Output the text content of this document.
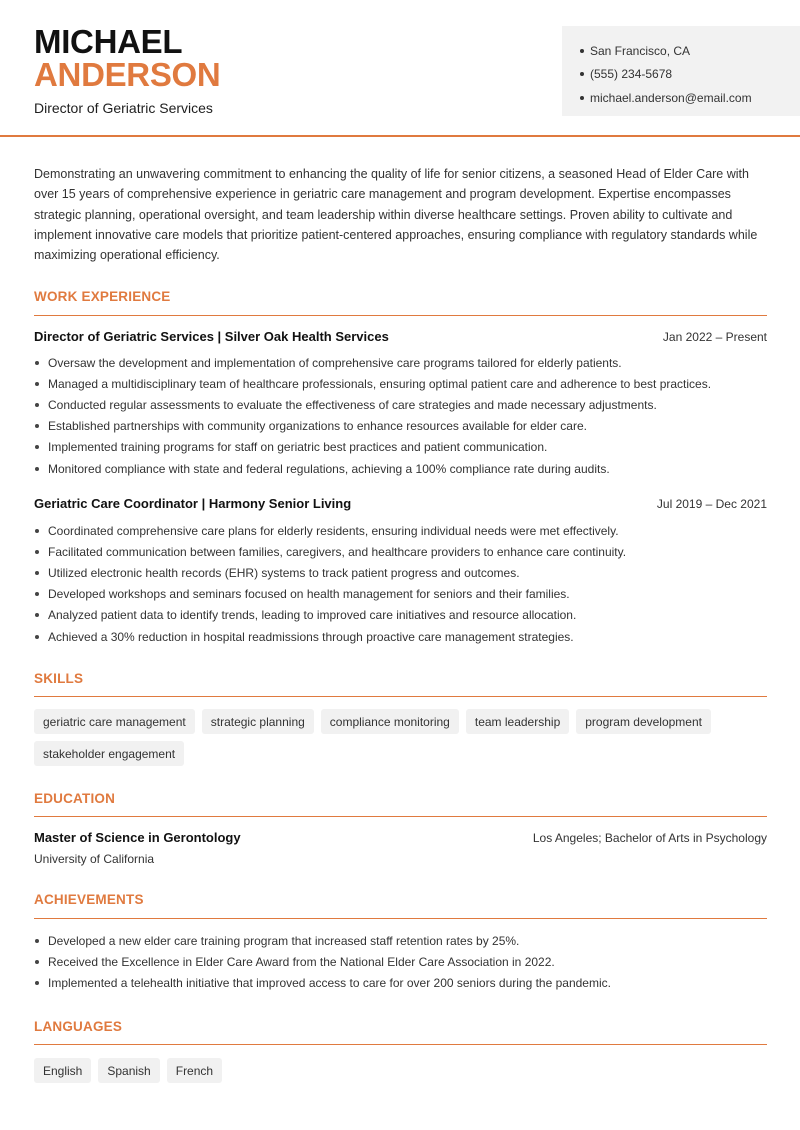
MICHAEL
ANDERSON
Director of Geriatric Services
San Francisco, CA
(555) 234-5678
michael.anderson@email.com

Demonstrating an unwavering commitment to enhancing the quality of life for senior citizens, a seasoned Head of Elder Care with over 15 years of comprehensive experience in geriatric care management and program development. Expertise encompasses strategic planning, operational oversight, and team leadership within diverse healthcare settings. Proven ability to cultivate and implement innovative care models that prioritize patient-centered approaches, ensuring compliance with regulatory standards while maximizing operational efficiency.

WORK EXPERIENCE
Director of Geriatric Services | Silver Oak Health Services	Jan 2022 – Present
Oversaw the development and implementation of comprehensive care programs tailored for elderly patients.
Managed a multidisciplinary team of healthcare professionals, ensuring optimal patient care and adherence to best practices.
Conducted regular assessments to evaluate the effectiveness of care strategies and made necessary adjustments.
Established partnerships with community organizations to enhance resources available for elder care.
Implemented training programs for staff on geriatric best practices and patient communication.
Monitored compliance with state and federal regulations, achieving a 100% compliance rate during audits.
Geriatric Care Coordinator | Harmony Senior Living	Jul 2019 – Dec 2021
Coordinated comprehensive care plans for elderly residents, ensuring individual needs were met effectively.
Facilitated communication between families, caregivers, and healthcare providers to enhance care continuity.
Utilized electronic health records (EHR) systems to track patient progress and outcomes.
Developed workshops and seminars focused on health management for seniors and their families.
Analyzed patient data to identify trends, leading to improved care initiatives and resource allocation.
Achieved a 30% reduction in hospital readmissions through proactive care management strategies.
SKILLS
geriatric care management	strategic planning	compliance monitoring	team leadership	program development
stakeholder engagement
EDUCATION
Master of Science in Gerontology	Los Angeles; Bachelor of Arts in Psychology
University of California
ACHIEVEMENTS
Developed a new elder care training program that increased staff retention rates by 25%.
Received the Excellence in Elder Care Award from the National Elder Care Association in 2022.
Implemented a telehealth initiative that improved access to care for over 200 seniors during the pandemic.
LANGUAGES
English	Spanish	French
